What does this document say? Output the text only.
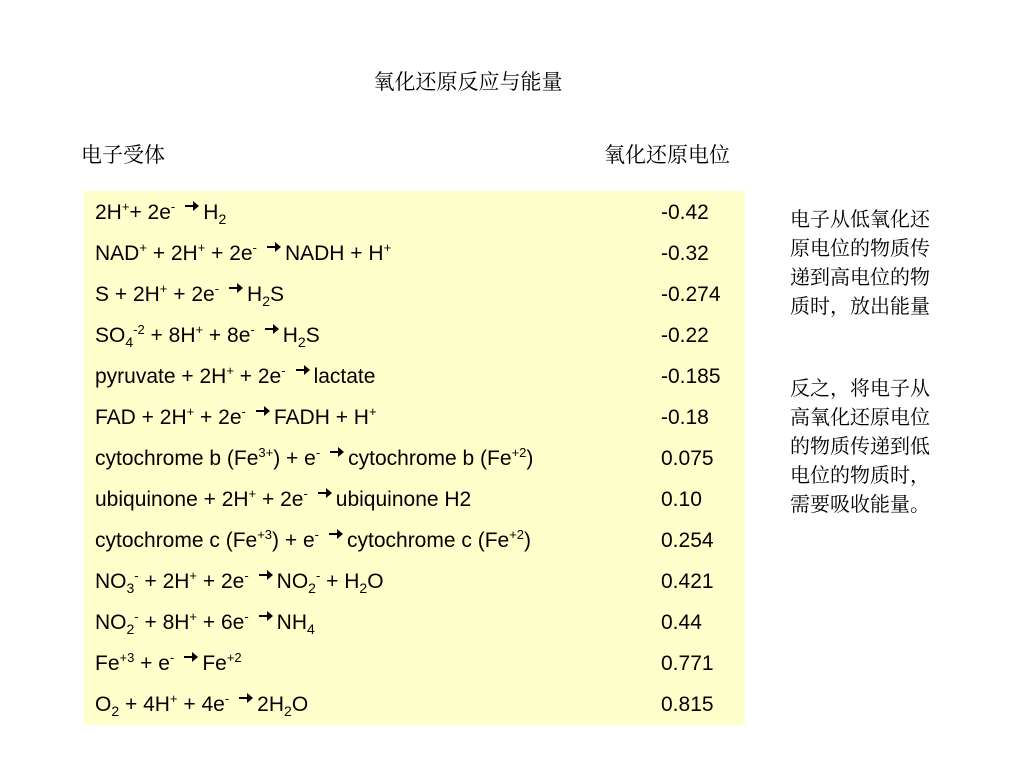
氧化还原反应与能量
电子受体	氧化还原电位
2H++ 2e- $H_2$	-0.42
NAD+ + 2H+ + 2e- NADH + H+	-0.32
S + 2H+ + 2e- $H_2S$	-0.274
$SO_4^{-2} + 8H^+ + 8e^-$ $H_2S$	-0.22
pyruvate + 2H+ + 2e- lactate	-0.185
FAD + 2H+ + 2e- FADH + H+	-0.18
cytochrome b $(Fe^{3+}) + e^-$ cytochrome b $(Fe^{+2})$	0.075
ubiquinone + 2H+ + 2e- ubiquinone H2	0.10
cytochrome c $(Fe^{+3}) + e^-$ cytochrome c $(Fe^{+2})$	0.254
$NO_3^- + 2H^+ + 2e^-$ $NO_2^- + H_2O$	0.421
$NO_2^- + 8H^+ + 6e^-$ $NH_4$	0.44
$Fe^{+3} + e^-$ $Fe^{+2}$	0.771
$O_2 + 4H^+ + 4e^-$ $2H_2O$	0.815
电子从低氧化还
原电位的物质传
递到高电位的物
质时，放出能量
反之，将电子从
高氧化还原电位
的物质传递到低
电位的物质时，
需要吸收能量。
